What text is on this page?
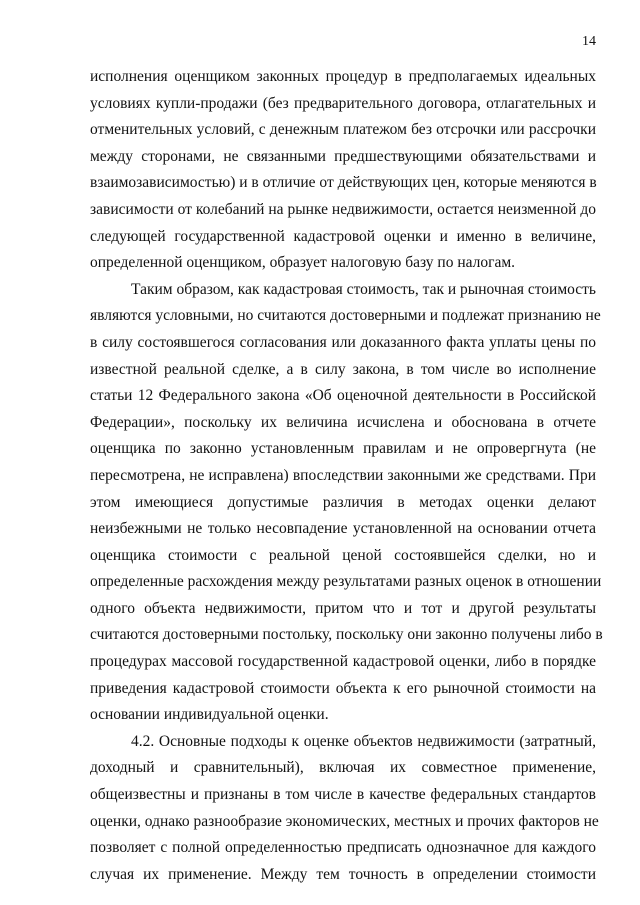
14

исполнения оценщиком законных процедур в предполагаемых идеальных
условиях купли-продажи (без предварительного договора, отлагательных и
отменительных условий, с денежным платежом без отсрочки или рассрочки
между сторонами, не связанными предшествующими обязательствами и
взаимозависимостью) и в отличие от действующих цен, которые меняются в
зависимости от колебаний на рынке недвижимости, остается неизменной до
следующей государственной кадастровой оценки и именно в величине,
определенной оценщиком, образует налоговую базу по налогам.

Таким образом, как кадастровая стоимость, так и рыночная стоимость
являются условными, но считаются достоверными и подлежат признанию не
в силу состоявшегося согласования или доказанного факта уплаты цены по
известной реальной сделке, а в силу закона, в том числе во исполнение
статьи 12 Федерального закона «Об оценочной деятельности в Российской
Федерации», поскольку их величина исчислена и обоснована в отчете
оценщика по законно установленным правилам и не опровергнута (не
пересмотрена, не исправлена) впоследствии законными же средствами. При
этом имеющиеся допустимые различия в методах оценки делают
неизбежными не только несовпадение установленной на основании отчета
оценщика стоимости с реальной ценой состоявшейся сделки, но и
определенные расхождения между результатами разных оценок в отношении
одного объекта недвижимости, притом что и тот и другой результаты
считаются достоверными постольку, поскольку они законно получены либо в
процедурах массовой государственной кадастровой оценки, либо в порядке
приведения кадастровой стоимости объекта к его рыночной стоимости на
основании индивидуальной оценки.

4.2. Основные подходы к оценке объектов недвижимости (затратный,
доходный и сравнительный), включая их совместное применение,
общеизвестны и признаны в том числе в качестве федеральных стандартов
оценки, однако разнообразие экономических, местных и прочих факторов не
позволяет с полной определенностью предписать однозначное для каждого
случая их применение. Между тем точность в определении стоимости
